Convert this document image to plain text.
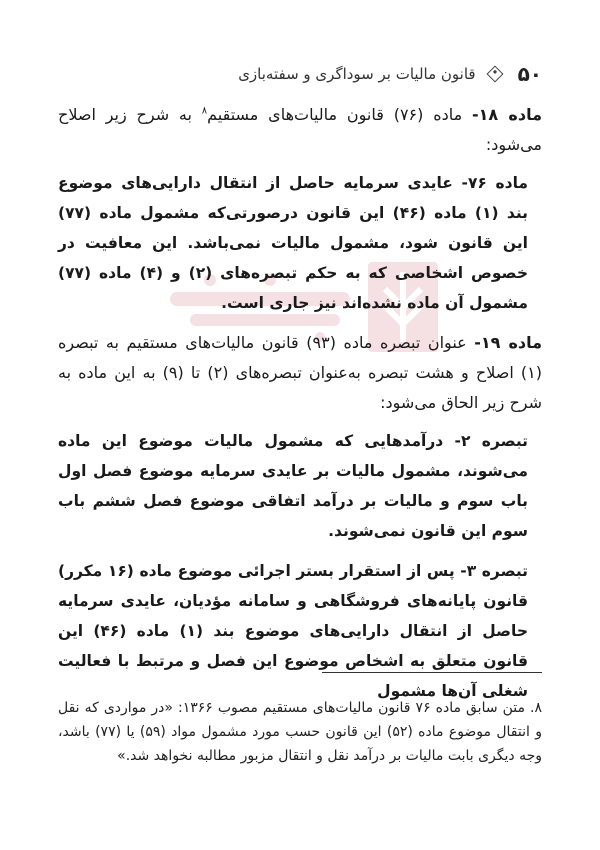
۵۰
قانون مالیات بر سوداگری و سفته‌بازی

ماده ۱۸- ماده (۷۶) قانون مالیات‌های مستقیم$^۸$ به شرح زیر اصلاح می‌شود:

ماده ۷۶- عایدی سرمایه حاصل از انتقال دارایی‌های موضوع بند (۱) ماده (۴۶) این قانون درصورتی‌که مشمول ماده (۷۷) این قانون شود، مشمول مالیات نمی‌باشد. این معافیت در خصوص اشخاصی که به حکم تبصره‌های (۲) و (۴) ماده (۷۷) مشمول آن ماده نشده‌اند نیز جاری است.

ماده ۱۹- عنوان تبصره ماده (۹۳) قانون مالیات‌های مستقیم به تبصره (۱) اصلاح و هشت تبصره به‌عنوان تبصره‌های (۲) تا (۹) به این ماده به شرح زیر الحاق می‌شود:

تبصره ۲- درآمدهایی که مشمول مالیات موضوع این ماده می‌شوند، مشمول مالیات بر عایدی سرمایه موضوع فصل اول باب سوم و مالیات بر درآمد اتفاقی موضوع فصل ششم باب سوم این قانون نمی‌شوند.

تبصره ۳- پس از استقرار بستر اجرائی موضوع ماده (۱۶ مکرر) قانون پایانه‌های فروشگاهی و سامانه مؤدیان، عایدی سرمایه حاصل از انتقال دارایی‌های موضوع بند (۱) ماده (۴۶) این قانون متعلق به اشخاص موضوع این فصل و مرتبط با فعالیت شغلی آن‌ها مشمول

۸. متن سابق ماده ۷۶ قانون مالیات‌های مستقیم مصوب ۱۳۶۶: «در مواردی که نقل و انتقال موضوع ماده (۵۲) این قانون حسب مورد مشمول مواد (۵۹) یا (۷۷) باشد، وجه دیگری بابت مالیات بر درآمد نقل و انتقال مزبور مطالبه نخواهد شد.»
